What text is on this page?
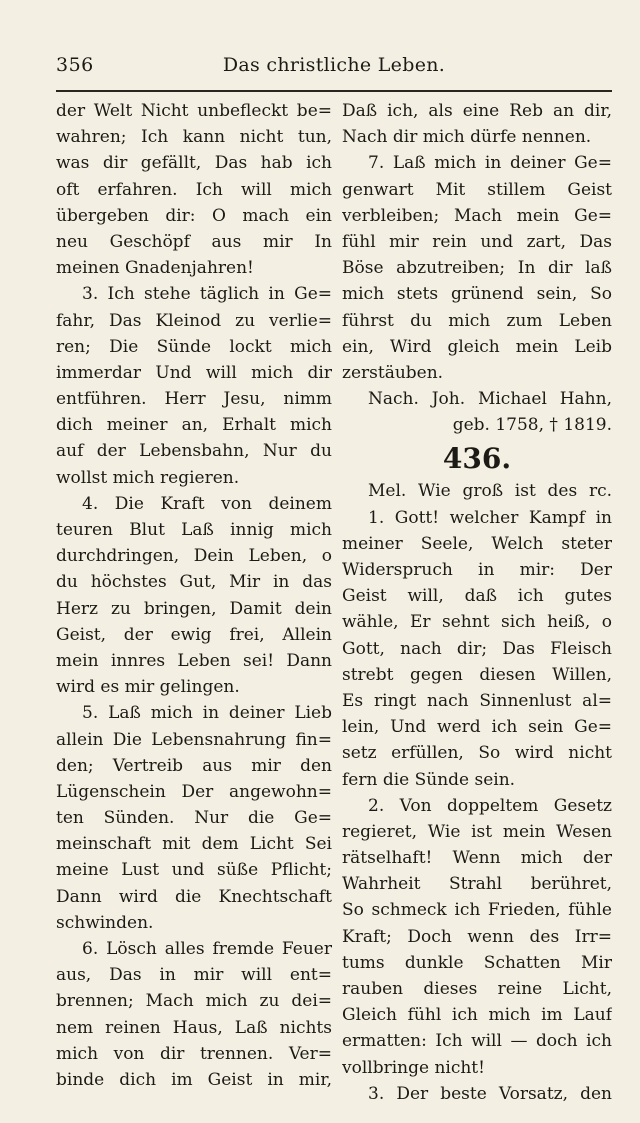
356	Das christliche Leben.
der Welt Nicht unbefleckt be=
wahren; Ich kann nicht tun,
was dir gefällt, Das hab ich
oft erfahren. Ich will mich
übergeben dir: O mach ein
neu Geschöpf aus mir In
meinen Gnadenjahren!
3. Ich stehe täglich in Ge=
fahr, Das Kleinod zu verlie=
ren; Die Sünde lockt mich
immerdar Und will mich dir
entführen. Herr Jesu, nimm
dich meiner an, Erhalt mich
auf der Lebensbahn, Nur du
wollst mich regieren.
4. Die Kraft von deinem
teuren Blut Laß innig mich
durchdringen, Dein Leben, o
du höchstes Gut, Mir in das
Herz zu bringen, Damit dein
Geist, der ewig frei, Allein
mein innres Leben sei! Dann
wird es mir gelingen.
5. Laß mich in deiner Lieb
allein Die Lebensnahrung fin=
den; Vertreib aus mir den
Lügenschein Der angewohn=
ten Sünden. Nur die Ge=
meinschaft mit dem Licht Sei
meine Lust und süße Pflicht;
Dann wird die Knechtschaft
schwinden.
6. Lösch alles fremde Feuer
aus, Das in mir will ent=
brennen; Mach mich zu dei=
nem reinen Haus, Laß nichts
mich von dir trennen. Ver=
binde dich im Geist in mir,
Daß ich, als eine Reb an dir,
Nach dir mich dürfe nennen.
7. Laß mich in deiner Ge=
genwart Mit stillem Geist
verbleiben; Mach mein Ge=
fühl mir rein und zart, Das
Böse abzutreiben; In dir laß
mich stets grünend sein, So
führst du mich zum Leben
ein, Wird gleich mein Leib
zerstäuben.
Nach. Joh. Michael Hahn,
geb. 1758, † 1819.
436.
Mel. Wie groß ist des rc.
1. Gott! welcher Kampf in
meiner Seele, Welch steter
Widerspruch in mir: Der
Geist will, daß ich gutes
wähle, Er sehnt sich heiß, o
Gott, nach dir; Das Fleisch
strebt gegen diesen Willen,
Es ringt nach Sinnenlust al=
lein, Und werd ich sein Ge=
setz erfüllen, So wird nicht
fern die Sünde sein.
2. Von doppeltem Gesetz
regieret, Wie ist mein Wesen
rätselhaft! Wenn mich der
Wahrheit Strahl berühret,
So schmeck ich Frieden, fühle
Kraft; Doch wenn des Irr=
tums dunkle Schatten Mir
rauben dieses reine Licht,
Gleich fühl ich mich im Lauf
ermatten: Ich will — doch ich
vollbringe nicht!
3. Der beste Vorsatz, den
